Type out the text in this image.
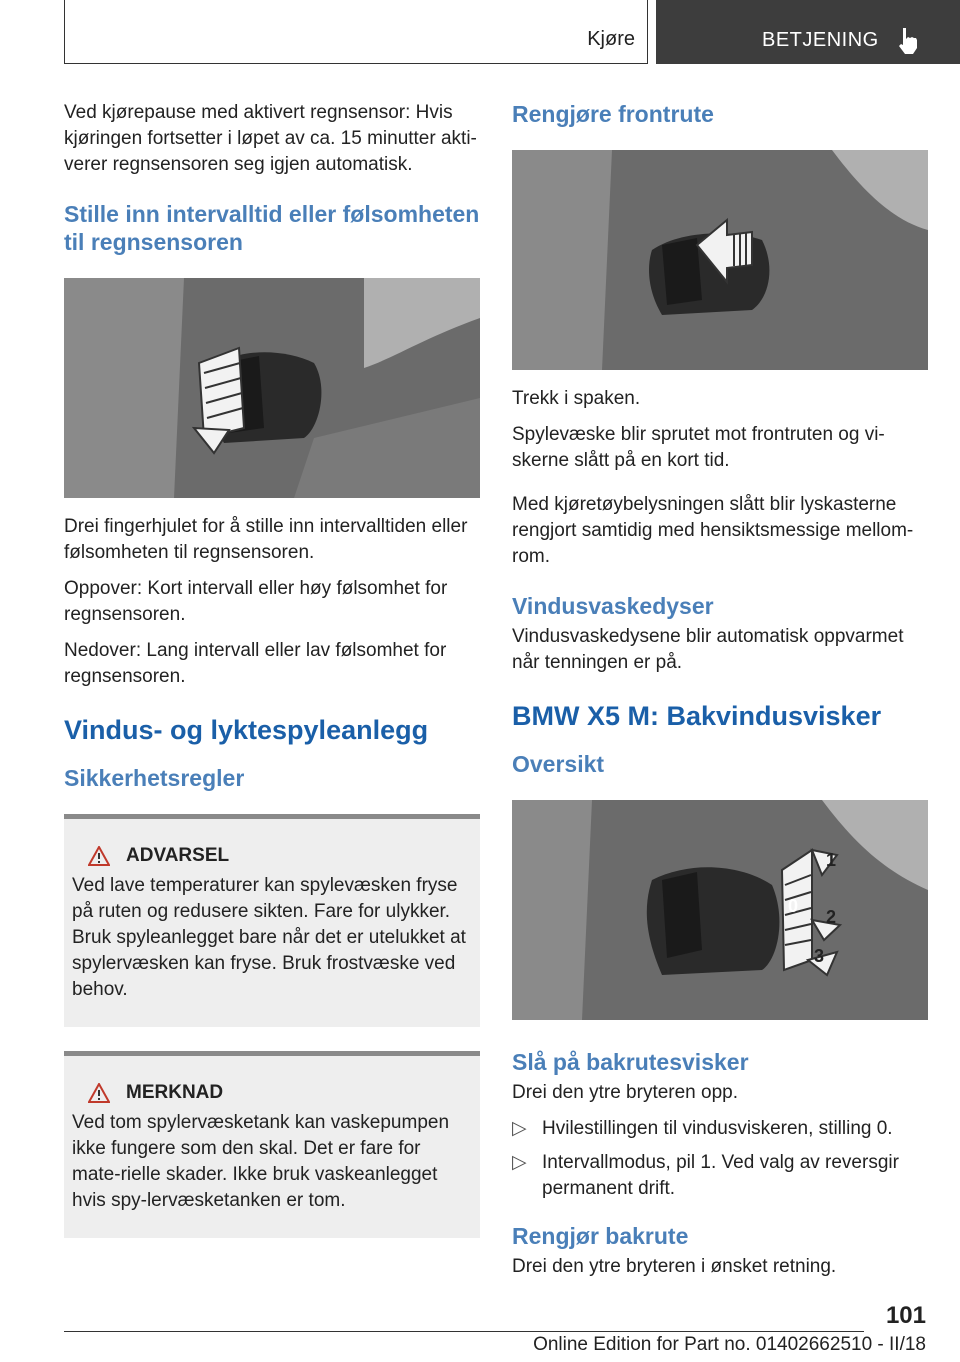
Kjøre	BETJENING

Ved kjørepause med aktivert regnsensor: Hvis kjøringen fortsetter i løpet av ca. 15 minutter akti-verer regnsensoren seg igjen automatisk.

Stille inn intervalltid eller følsomheten til regnsensoren

Drei fingerhjulet for å stille inn intervalltiden eller følsomheten til regnsensoren.

Oppover: Kort intervall eller høy følsomhet for regnsensoren.

Nedover: Lang intervall eller lav følsomhet for regnsensoren.

Vindus- og lyktespyleanlegg
Sikkerhetsregler
ADVARSEL

Ved lave temperaturer kan spylevæsken fryse på ruten og redusere sikten. Fare for ulykker. Bruk spyleanlegget bare når det er utelukket at spylervæsken kan fryse. Bruk frostvæske ved behov.

MERKNAD

Ved tom spylervæsketank kan vaskepumpen ikke fungere som den skal. Det er fare for mate-rielle skader. Ikke bruk vaskeanlegget hvis spy-lervæsketanken er tom.

Rengjøre frontrute

Trekk i spaken.

Spylevæske blir sprutet mot frontruten og vi-skerne slått på en kort tid.

Med kjøretøybelysningen slått blir lyskasterne rengjort samtidig med hensiktsmessige mellom-rom.

Vindusvaskedyser

Vindusvaskedysene blir automatisk oppvarmet når tenningen er på.

BMW X5 M: Bakvindusvisker
Oversikt
1
0
2
3
Slå på bakrutesvisker

Drei den ytre bryteren opp.

▷ Hvilestillingen til vindusviskeren, stilling 0.
▷ Intervallmodus, pil 1. Ved valg av reversgir permanent drift.
Rengjør bakrute

Drei den ytre bryteren i ønsket retning.

101
Online Edition for Part no. 01402662510 - II/18
